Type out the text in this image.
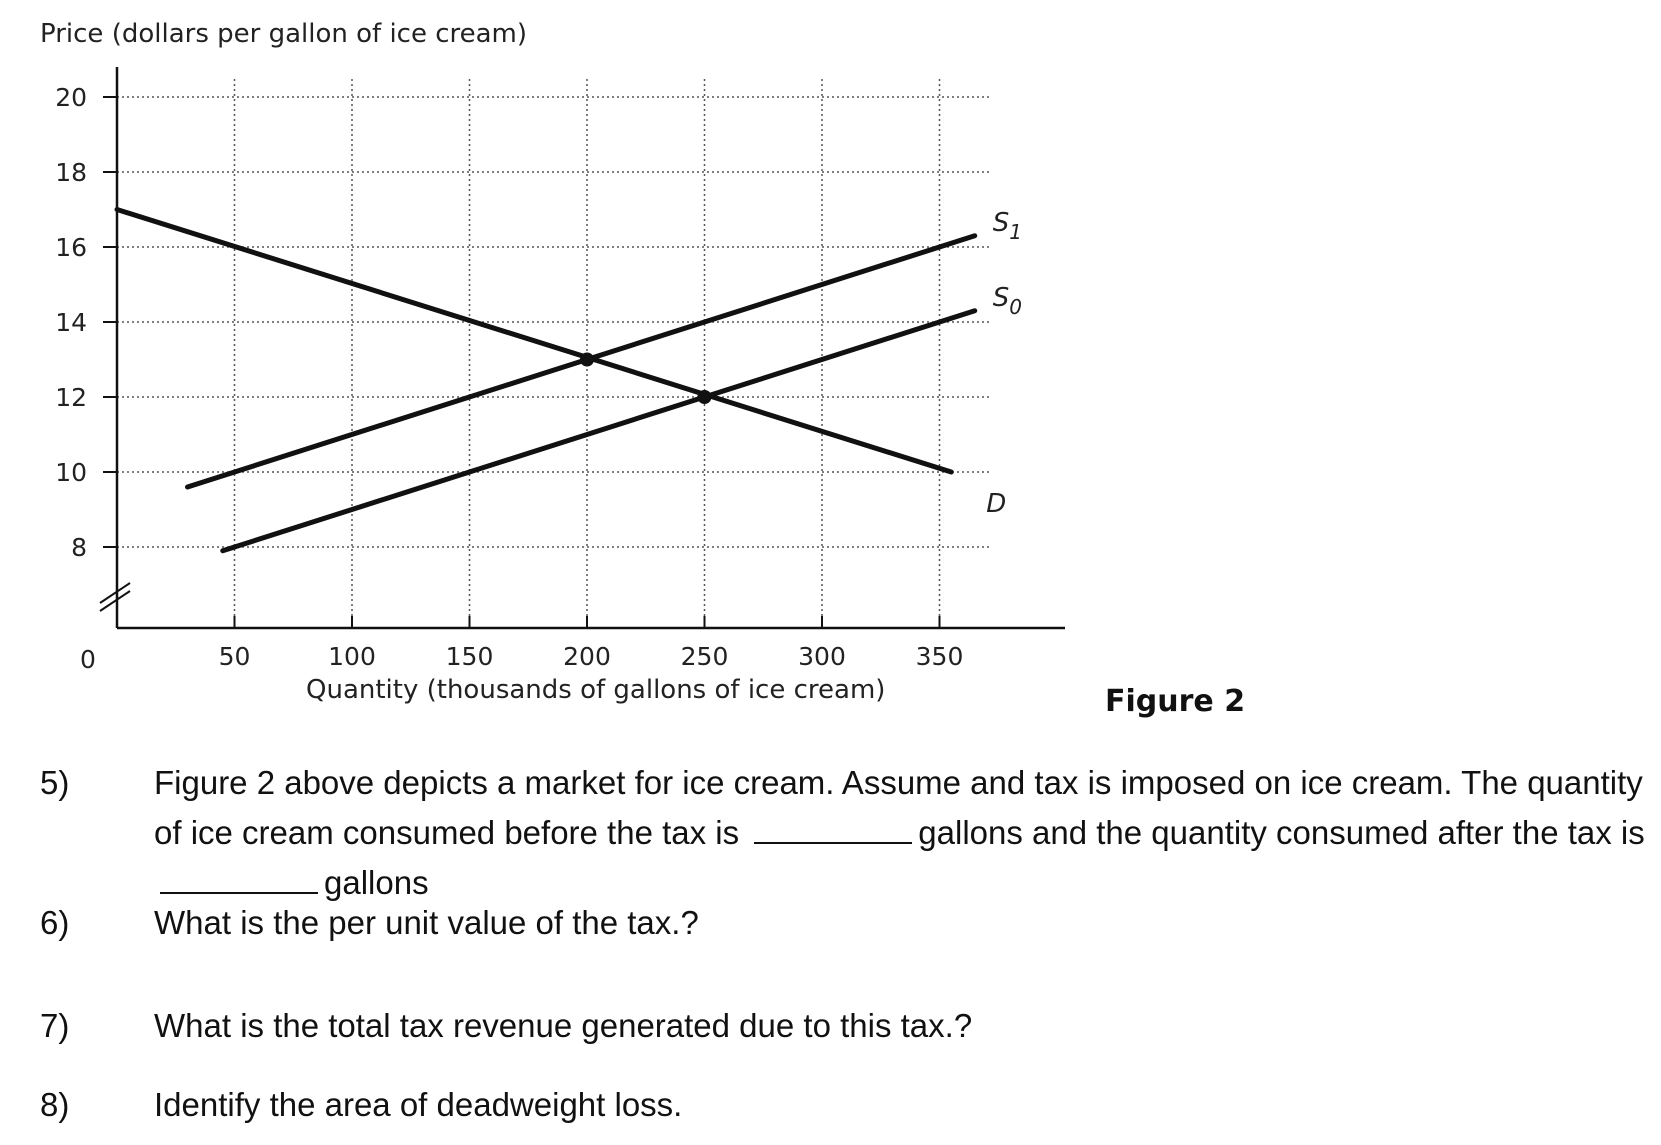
Price (dollars per gallon of ice cream)
D
$S_1$
$S_0$
8
10
12
14
16
18
20
50	100	150	200	250	300	350
0
Quantity (thousands of gallons of ice cream)	Figure 2
5)	Figure 2 above depicts a market for ice cream. Assume and tax is imposed on ice cream. The quantity of ice cream consumed before the tax is	gallons and the quantity consumed after the tax is gallons
6)	What is the per unit value of the tax.?
7)	What is the total tax revenue generated due to this tax.?
8)	Identify the area of deadweight loss.
